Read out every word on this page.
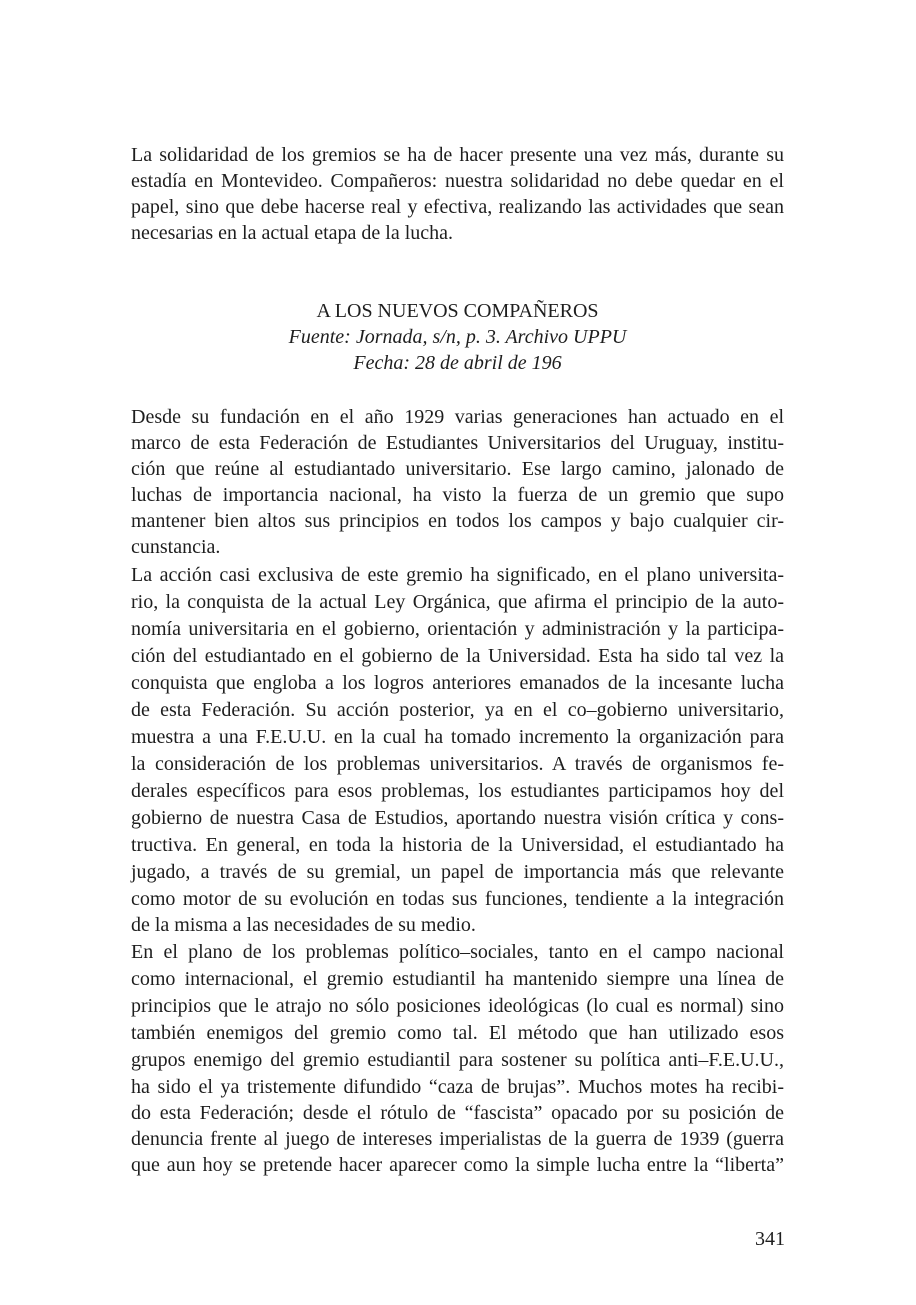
La solidaridad de los gremios se ha de hacer presente una vez más, durante su
estadía en Montevideo. Compañeros: nuestra solidaridad no debe quedar en el
papel, sino que debe hacerse real y efectiva, realizando las actividades que sean
necesarias en la actual etapa de la lucha.
A LOS NUEVOS COMPAÑEROS
Fuente: Jornada, s/n, p. 3. Archivo UPPU
Fecha: 28 de abril de 196
Desde su fundación en el año 1929 varias generaciones han actuado en el
marco de esta Federación de Estudiantes Universitarios del Uruguay, institu-
ción que reúne al estudiantado universitario. Ese largo camino, jalonado de
luchas de importancia nacional, ha visto la fuerza de un gremio que supo
mantener bien altos sus principios en todos los campos y bajo cualquier cir-
cunstancia.
La acción casi exclusiva de este gremio ha significado, en el plano universita-
rio, la conquista de la actual Ley Orgánica, que afirma el principio de la auto-
nomía universitaria en el gobierno, orientación y administración y la participa-
ción del estudiantado en el gobierno de la Universidad. Esta ha sido tal vez la
conquista que engloba a los logros anteriores emanados de la incesante lucha
de esta Federación. Su acción posterior, ya en el co–gobierno universitario,
muestra a una F.E.U.U. en la cual ha tomado incremento la organización para
la consideración de los problemas universitarios. A través de organismos fe-
derales específicos para esos problemas, los estudiantes participamos hoy del
gobierno de nuestra Casa de Estudios, aportando nuestra visión crítica y cons-
tructiva. En general, en toda la historia de la Universidad, el estudiantado ha
jugado, a través de su gremial, un papel de importancia más que relevante
como motor de su evolución en todas sus funciones, tendiente a la integración
de la misma a las necesidades de su medio.
En el plano de los problemas político–sociales, tanto en el campo nacional
como internacional, el gremio estudiantil ha mantenido siempre una línea de
principios que le atrajo no sólo posiciones ideológicas (lo cual es normal) sino
también enemigos del gremio como tal. El método que han utilizado esos
grupos enemigo del gremio estudiantil para sostener su política anti–F.E.U.U.,
ha sido el ya tristemente difundido “caza de brujas”. Muchos motes ha recibi-
do esta Federación; desde el rótulo de “fascista” opacado por su posición de
denuncia frente al juego de intereses imperialistas de la guerra de 1939 (guerra
que aun hoy se pretende hacer aparecer como la simple lucha entre la “liberta”
341
